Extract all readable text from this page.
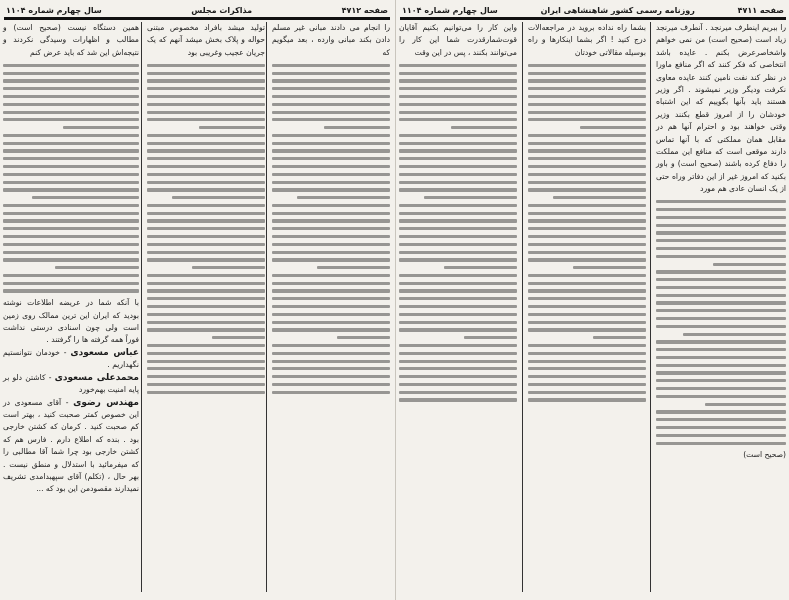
صفحه ۴۷۱۲
مذاکرات مجلس
سال چهارم شماره ۱۱۰۴

همین دستگاه نیست (صحیح است) و مطالب و اظهارات وسیدگی نکردند و نتیجه‌اش این شد که باید عرض کنم

با آنکه شما در عریضه اطلاعات نوشته بودید که ایران این ترین ممالک روی زمین است ولی چون اسنادی درستی نداشت فوراً همه گرفته ها را گرفتند .

عباس مسعودی - خودمان نتوانستیم نگهداریم .

محمدعلی مسعودی - کاشتن دلو بر پایه امنیت بهم‌خورد

مهندس رضوی - آقای مسعودی در این خصوص کمتر صحبت کنید ، بهتر است کم صحبت کنید . کرمان که کشتن خارجی بود . بنده که اطلاع دارم . فارس هم که کشتن خارجی بود چرا شما آقا مطالبی را که میفرمائید با استدلال و منطق نیست . بهر حال ، (تکلم) آقای سپهبدامدی تشریف نمیدارند مقصودمن این بود که ...

تولید میشد بافراد مخصوص مبتنی حواله و پلاک بخش میشد آنهم که یک جریان عجیب وغریبی بود

را انجام می دادند مبانی غیر مسلم دادن بکند مبانی وارده ، بعد میگویم که

صفحه ۴۷۱۱
روزنامه رسمی کشور شاهنشاهی ایران
سال چهارم شماره ۱۱۰۴

واین کار را می‌توانیم بکنیم آقایان قوت‌شمارقدرت شما این کار را می‌توانند بکنند ، پس در این وقت

بشما راه نداده بروید در مراجعه‌الات درج کنید ! اگر بشما اینکارها و راه بوسیله مقالاتی خودتان

را ببریم اینطرف میرنجد . آنطرف میرنجد زیاد است (صحیح است) من نمی خواهم واشخاصرعرض بکنم . عایده باشد انتخاصی که فکر کنند که اگر منافع ماورا در نظر کند نفت نامین کنند عایده معاوی نکرفت ودیگر وزیر نمیشوند . اگر وزیر هستند باید بآنها بگوییم که این اشتباه خودشان را از امروز قطع بکنند وزیر وقتی خواهند بود و احترام آنها هم در مقابل همان مملکتی که با آنها تماس دارند موقعی است که منافع این مملکت را دفاع کرده باشند (صحیح است) و باور بکنید که امروز غیر از این دفاتر وراه حتی از یک انسان عادی هم مورد

(صحیح است)
